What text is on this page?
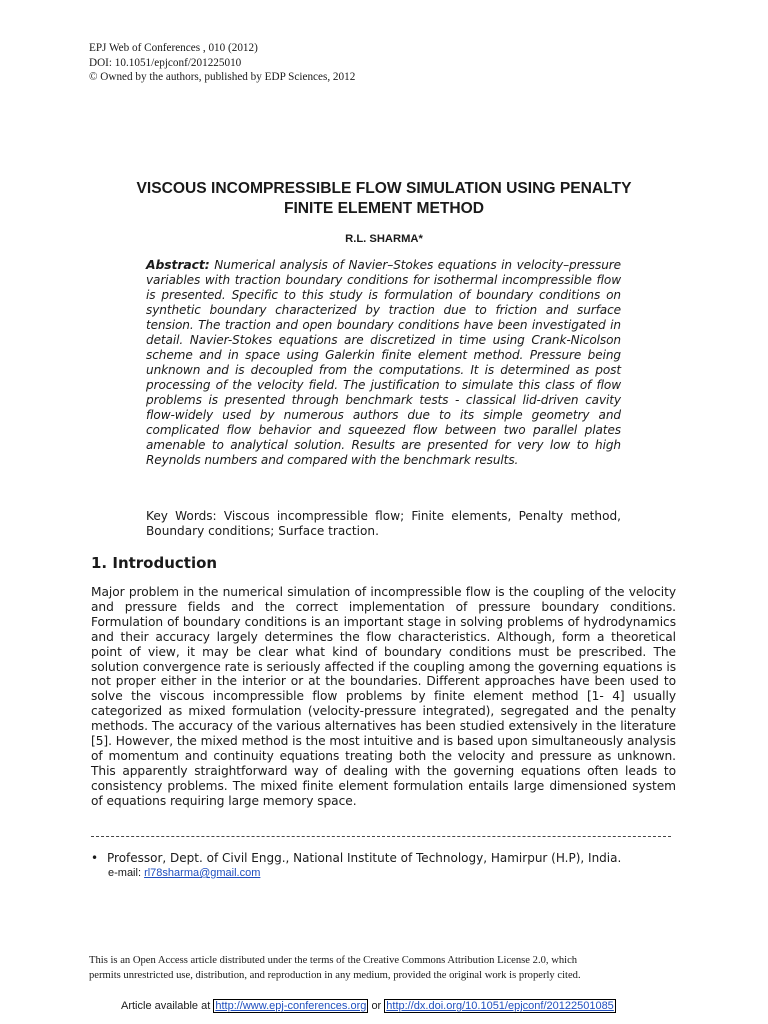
EPJ Web of Conferences , 010 (2012)
DOI: 10.1051/epjconf/201225010
© Owned by the authors, published by EDP Sciences, 2012
VISCOUS INCOMPRESSIBLE FLOW SIMULATION USING PENALTY
FINITE ELEMENT METHOD
R.L. SHARMA*
Abstract: Numerical analysis of Navier–Stokes equations in velocity–pressure variables with traction boundary conditions for isothermal incompressible flow is presented. Specific to this study is formulation of boundary conditions on synthetic boundary characterized by traction due to friction and surface tension. The traction and open boundary conditions have been investigated in detail. Navier-Stokes equations are discretized in time using Crank-Nicolson scheme and in space using Galerkin finite element method. Pressure being unknown and is decoupled from the computations. It is determined as post processing of the velocity field. The justification to simulate this class of flow problems is presented through benchmark tests - classical lid-driven cavity flow-widely used by numerous authors due to its simple geometry and complicated flow behavior and squeezed flow between two parallel plates amenable to analytical solution. Results are presented for very low to high Reynolds numbers and compared with the benchmark results.
Key Words: Viscous incompressible flow; Finite elements, Penalty method, Boundary conditions; Surface traction.
1. Introduction
Major problem in the numerical simulation of incompressible flow is the coupling of the velocity and pressure fields and the correct implementation of pressure boundary conditions. Formulation of boundary conditions is an important stage in solving problems of hydrodynamics and their accuracy largely determines the flow characteristics. Although, form a theoretical point of view, it may be clear what kind of boundary conditions must be prescribed. The solution convergence rate is seriously affected if the coupling among the governing equations is not proper either in the interior or at the boundaries. Different approaches have been used to solve the viscous incompressible flow problems by finite element method [1- 4] usually categorized as mixed formulation (velocity-pressure integrated), segregated and the penalty methods. The accuracy of the various alternatives has been studied extensively in the literature [5]. However, the mixed method is the most intuitive and is based upon simultaneously analysis of momentum and continuity equations treating both the velocity and pressure as unknown. This apparently straightforward way of dealing with the governing equations often leads to consistency problems. The mixed finite element formulation entails large dimensioned system of equations requiring large memory space.
• Professor, Dept. of Civil Engg., National Institute of Technology, Hamirpur (H.P), India.
e-mail: rl78sharma@gmail.com
This is an Open Access article distributed under the terms of the Creative Commons Attribution License 2.0, which
permits unrestricted use, distribution, and reproduction in any medium, provided the original work is properly cited.
Article available at http://www.epj-conferences.org or http://dx.doi.org/10.1051/epjconf/20122501085
